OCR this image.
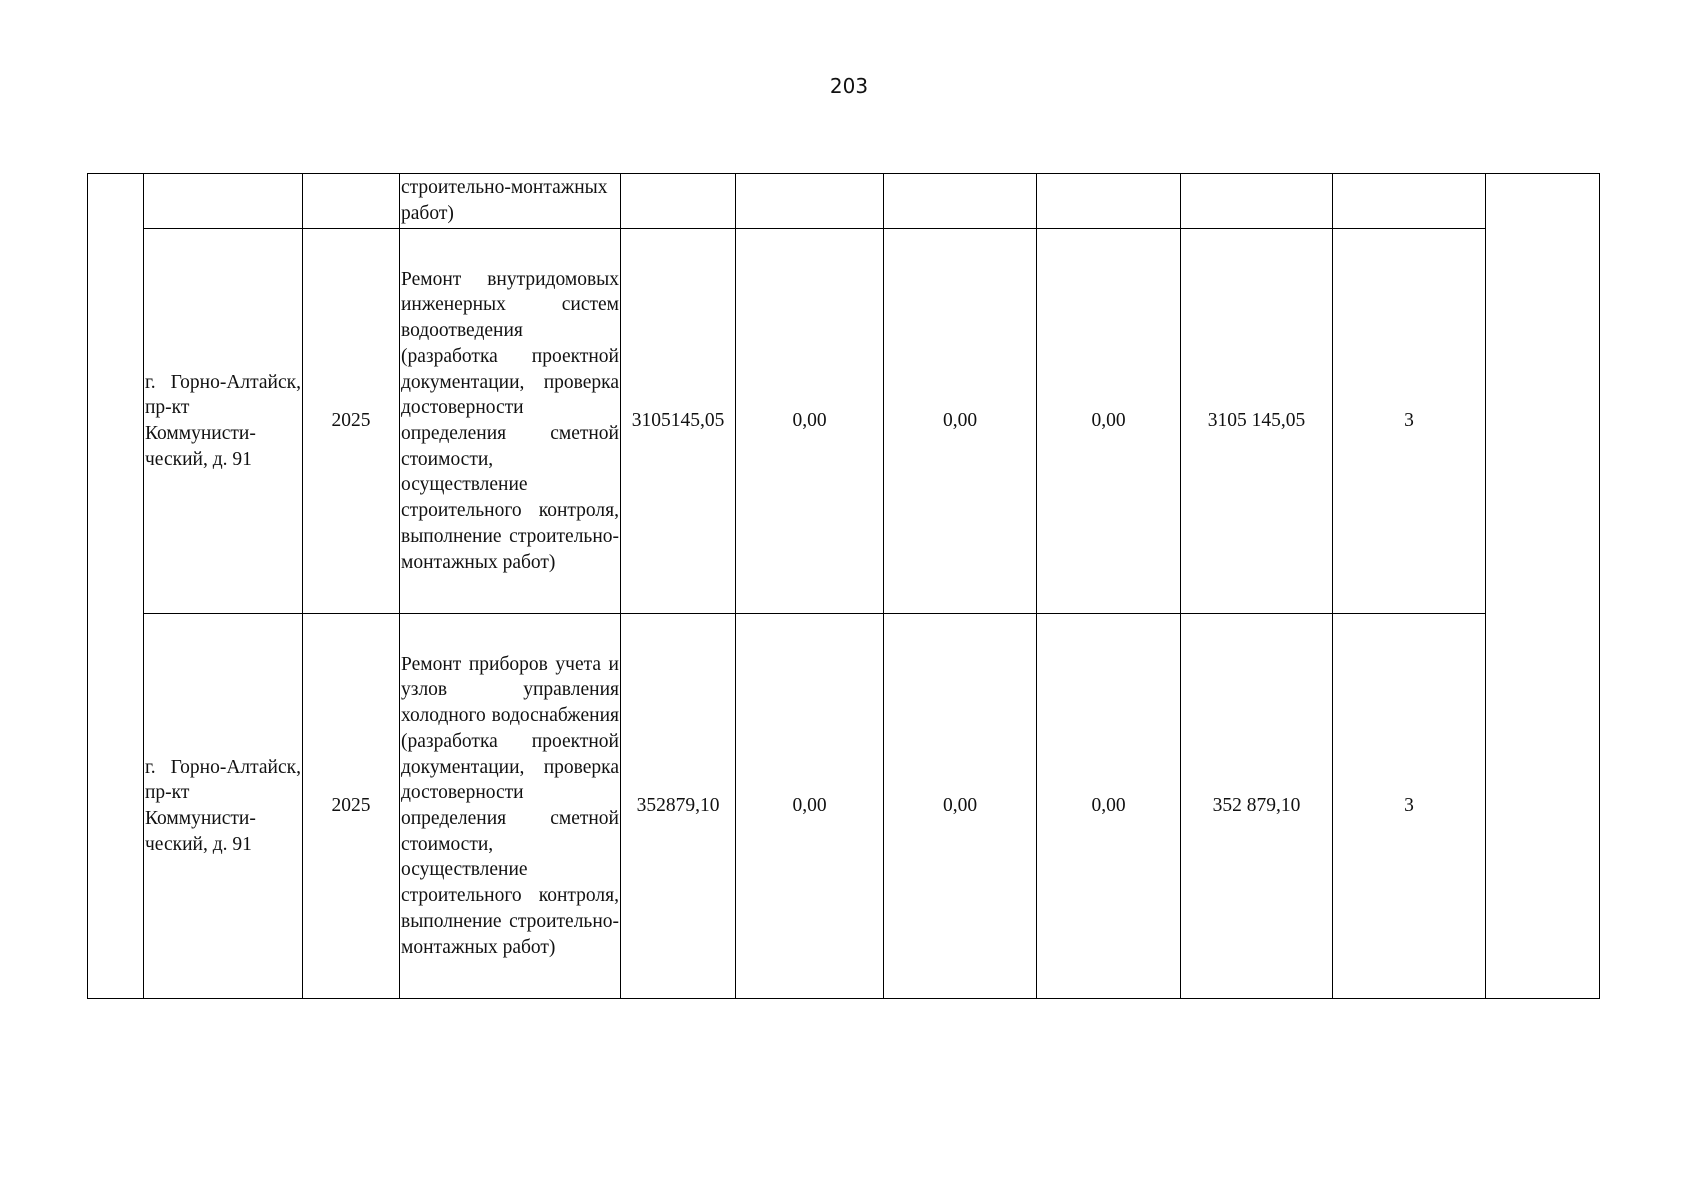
203
			строительно-монтажных работ)							
	г. Горно-Алтайск, пр-кт Коммунисти-ческий, д. 91	2025	Ремонт внутридомовых инженерных систем водоотведения (разработка проектной документации, проверка достоверности определения сметной стоимости, осуществление строительного контроля, выполнение строительно-монтажных работ)	3105145,05	0,00	0,00	0,00	3105 145,05	3	
	г. Горно-Алтайск, пр-кт Коммунисти-ческий, д. 91	2025	Ремонт приборов учета и узлов управления холодного водоснабжения (разработка проектной документации, проверка достоверности определения сметной стоимости, осуществление строительного контроля, выполнение строительно-монтажных работ)	352879,10	0,00	0,00	0,00	352 879,10	3	
